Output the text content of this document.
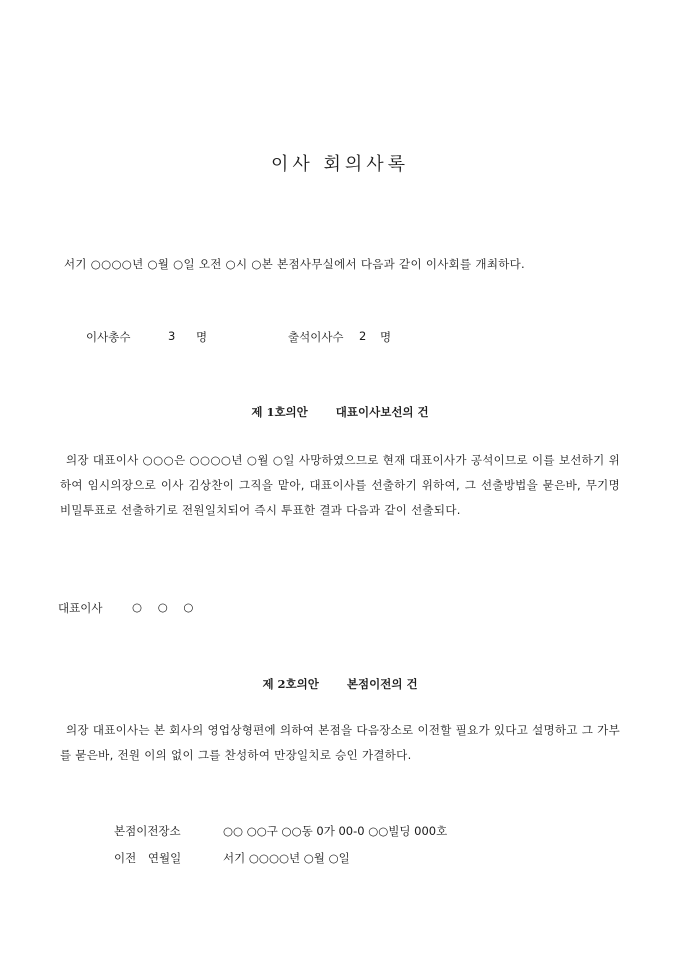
이사 회의사록
서기 ○○○○년 ○월 ○일 오전 ○시 ○본 본점사무실에서 다음과 같이 이사회를 개최하다.
이사총수	3 명	출석이사수 2 명
제 1호의안 대표이사보선의 건
의장 대표이사 ○○○은 ○○○○년 ○월 ○일 사망하였으므로 현재 대표이사가 공석이므로 이를 보선하기 위하여 임시의장으로 이사 김상찬이 그직을 맡아, 대표이사를 선출하기 위하여, 그 선출방법을 묻은바, 무기명 비밀투표로 선출하기로 전원일치되어 즉시 투표한 결과 다음과 같이 선출되다.
대표이사	○ ○ ○
제 2호의안 본점이전의 건
의장 대표이사는 본 회사의 영업상형편에 의하여 본점을 다음장소로 이전할 필요가 있다고 설명하고 그 가부를 묻은바, 전원 이의 없이 그를 찬성하여 만장일치로 승인 가결하다.
본점이전장소	○○ ○○구 ○○동 0가 00-0 ○○빌딩 000호
이전 연월일	서기 ○○○○년 ○월 ○일
